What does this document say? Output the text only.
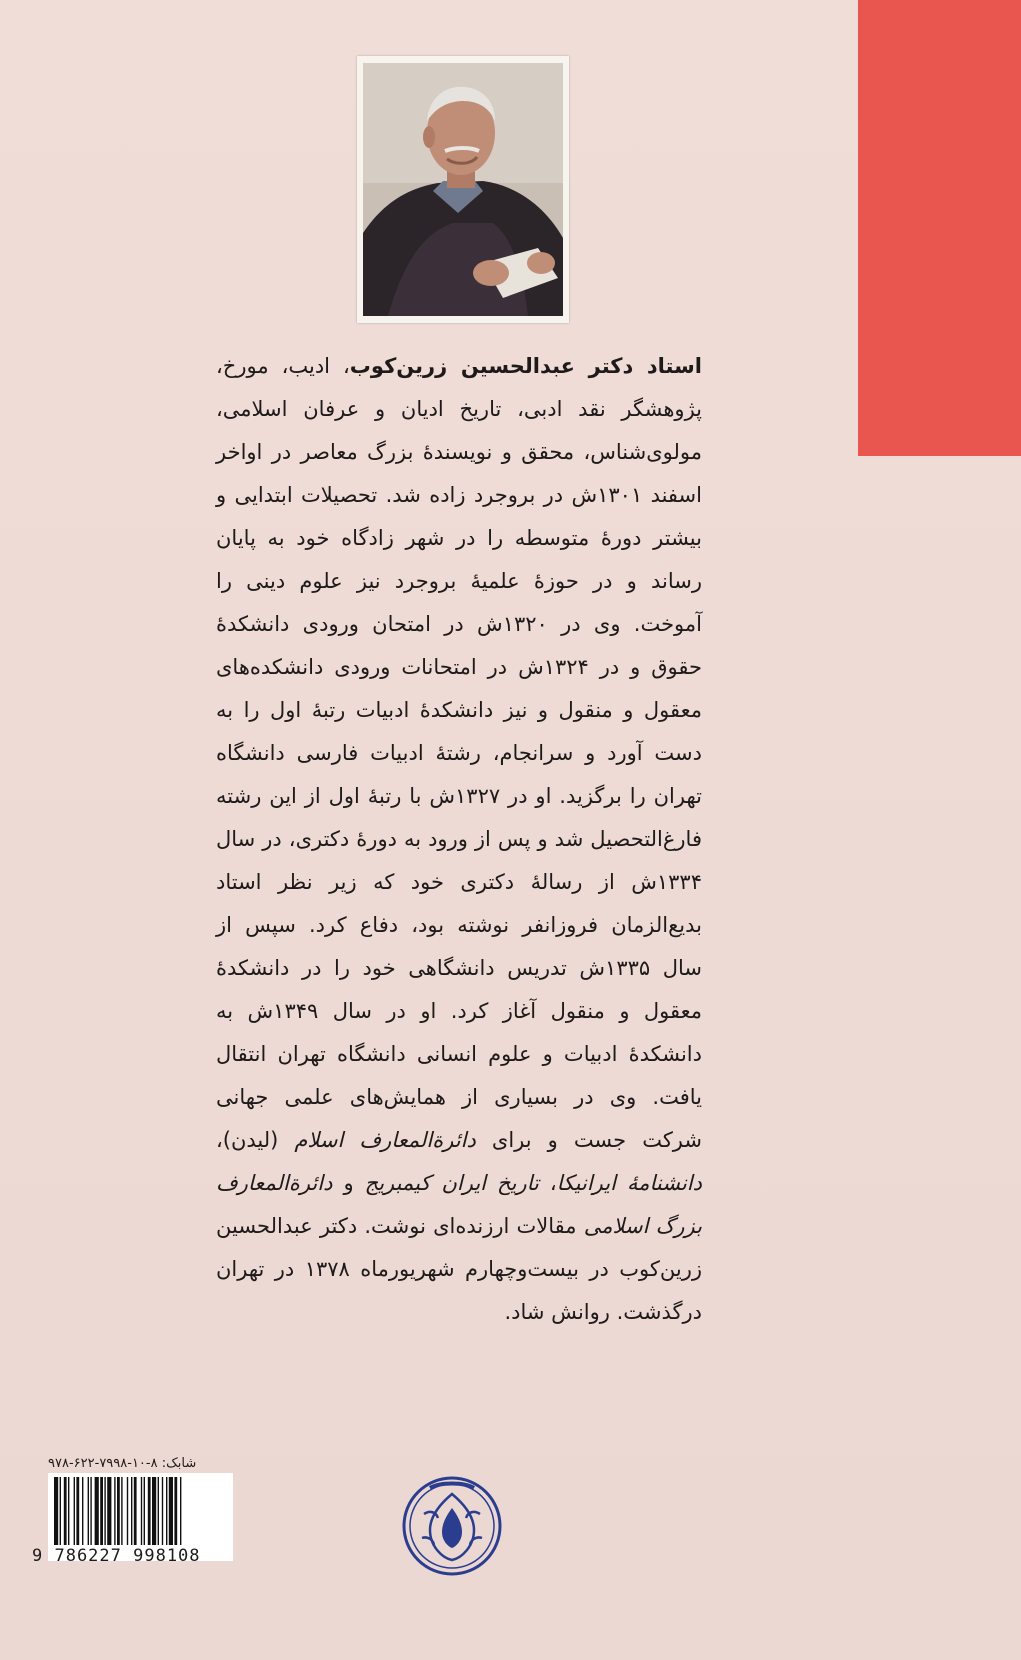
استاد دکتر عبدالحسین زرین‌کوب، ادیب، مورخ، پژوهشگر نقد ادبی، تاریخ ادیان و عرفان اسلامی، مولوی‌شناس، محقق و نویسندهٔ بزرگ معاصر در اواخر اسفند ۱۳۰۱ش در بروجرد زاده شد. تحصیلات ابتدایی و بیشتر دورهٔ متوسطه را در شهر زادگاه خود به پایان رساند و در حوزهٔ علمیهٔ بروجرد نیز علوم دینی را آموخت. وی در ۱۳۲۰ش در امتحان ورودی دانشکدهٔ حقوق و در ۱۳۲۴ش در امتحانات ورودی دانشکده‌های معقول و منقول و نیز دانشکدهٔ ادبیات رتبهٔ اول را به دست آورد و سرانجام، رشتهٔ ادبیات فارسی دانشگاه تهران را برگزید. او در ۱۳۲۷ش با رتبهٔ اول از این رشته فارغ‌التحصیل شد و پس از ورود به دورهٔ دکتری، در سال ۱۳۳۴ش از رسالهٔ دکتری خود که زیر نظر استاد بدیع‌الزمان فروزانفر نوشته بود، دفاع کرد. سپس از سال ۱۳۳۵ش تدریس دانشگاهی خود را در دانشکدهٔ معقول و منقول آغاز کرد. او در سال ۱۳۴۹ش به دانشکدهٔ ادبیات و علوم انسانی دانشگاه تهران انتقال یافت. وی در بسیاری از همایش‌های علمی جهانی شرکت جست و برای دائرة‌المعارف اسلام (لیدن)، دانشنامهٔ ایرانیکا، تاریخ ایران کیمبریج و دائرة‌المعارف بزرگ اسلامی مقالات ارزنده‌ای نوشت. دکتر عبدالحسین زرین‌کوب در بیست‌وچهارم شهریورماه ۱۳۷۸ در تهران درگذشت. روانش شاد.
شابک: ۸-۱۰-۷۹۹۸-۶۲۲-۹۷۸
9 786227 998108
